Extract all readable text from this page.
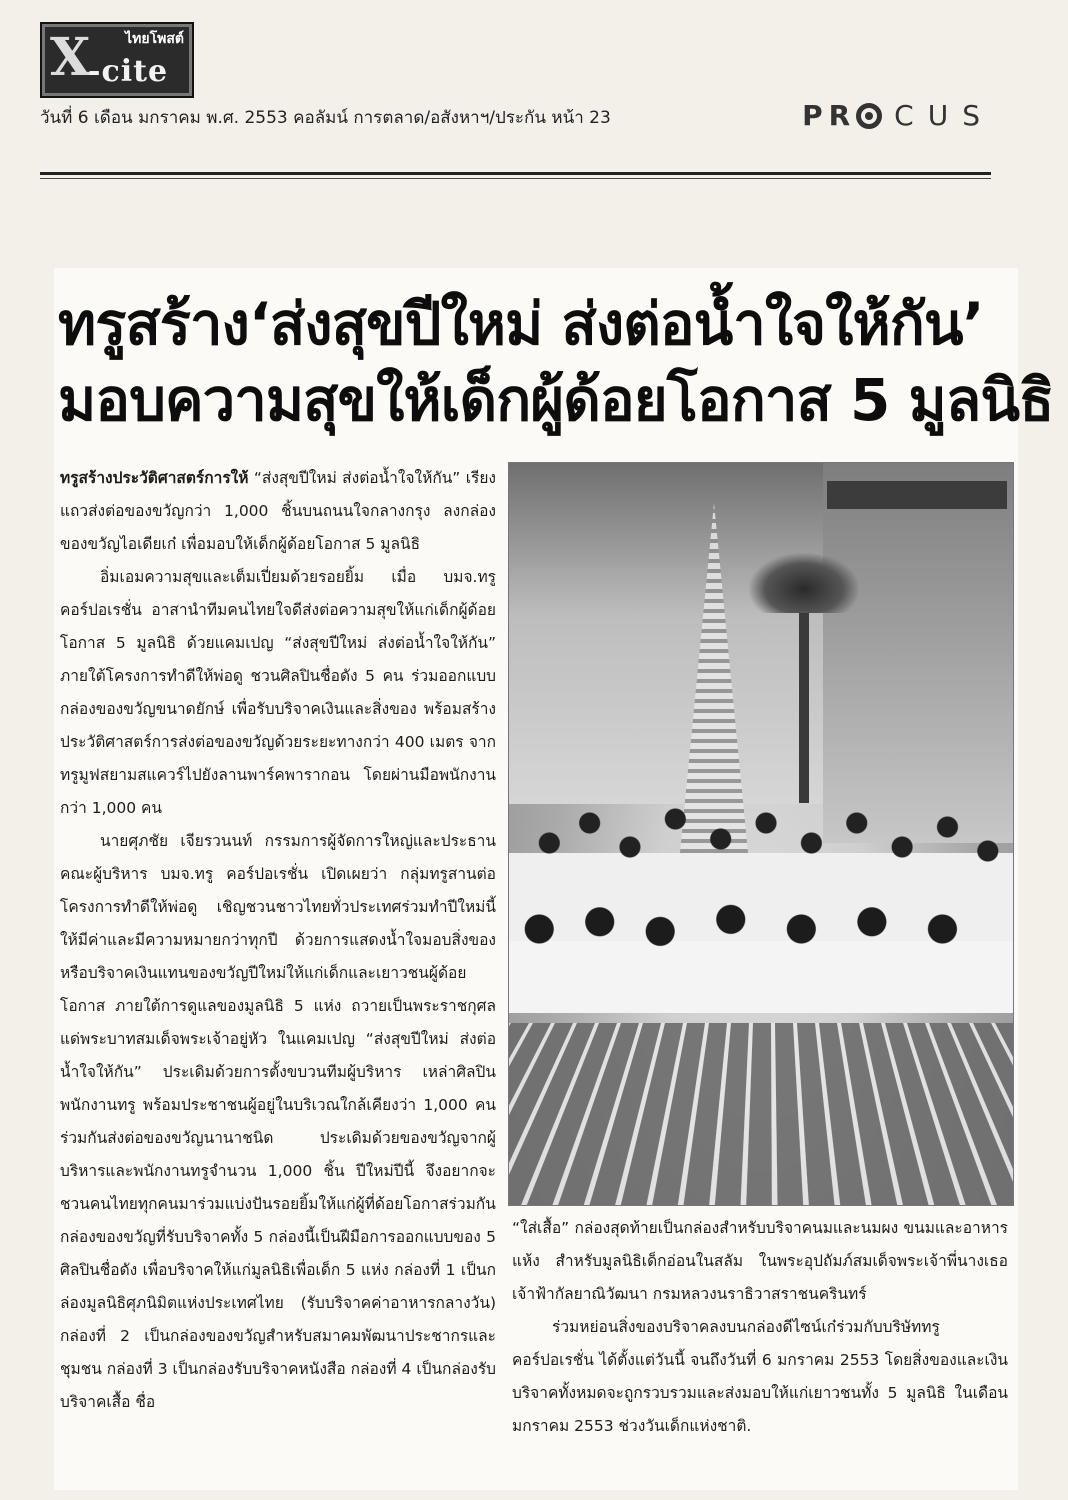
ไทยโพสต์
X
-cite
วันที่ 6 เดือน มกราคม พ.ศ. 2553 คอลัมน์ การตลาด/อสังหาฯ/ประกัน หน้า 23	PR CUS
ทรูสร้าง‘ส่งสุขปีใหม่ ส่งต่อน้ำใจให้กัน’
มอบความสุขให้เด็กผู้ด้อยโอกาส 5 มูลนิธิ

ทรูสร้างประวัติศาสตร์การให้ “ส่งสุขปีใหม่ ส่งต่อน้ำใจให้กัน” เรียงแถวส่งต่อของขวัญกว่า 1,000 ชิ้นบนถนนใจกลางกรุง ลงกล่องของขวัญไอเดียเก๋ เพื่อมอบให้เด็กผู้ด้อยโอกาส 5 มูลนิธิ

อิ่มเอมความสุขและเต็มเปี่ยมด้วยรอยยิ้ม เมื่อ บมจ.ทรู คอร์ปอเรชั่น อาสานำทีมคนไทยใจดีส่งต่อความสุขให้แก่เด็กผู้ด้อยโอกาส 5 มูลนิธิ ด้วยแคมเปญ “ส่งสุขปีใหม่ ส่งต่อน้ำใจให้กัน” ภายใต้โครงการทำดีให้พ่อดู ชวนศิลปินชื่อดัง 5 คน ร่วมออกแบบกล่องของขวัญขนาดยักษ์ เพื่อรับบริจาคเงินและสิ่งของ พร้อมสร้างประวัติศาสตร์การส่งต่อของขวัญด้วยระยะทางกว่า 400 เมตร จากทรูมูฟสยามสแควร์ไปยังลานพาร์คพารากอน โดยผ่านมือพนักงานกว่า 1,000 คน

นายศุภชัย เจียรวนนท์ กรรมการผู้จัดการใหญ่และประธานคณะผู้บริหาร บมจ.ทรู คอร์ปอเรชั่น เปิดเผยว่า กลุ่มทรูสานต่อโครงการทำดีให้พ่อดู เชิญชวนชาวไทยทั่วประเทศร่วมทำปีใหม่นี้ให้มีค่าและมีความหมายกว่าทุกปี ด้วยการแสดงน้ำใจมอบสิ่งของหรือบริจาคเงินแทนของขวัญปีใหม่ให้แก่เด็กและเยาวชนผู้ด้อยโอกาส ภายใต้การดูแลของมูลนิธิ 5 แห่ง ถวายเป็นพระราชกุศลแด่พระบาทสมเด็จพระเจ้าอยู่หัว ในแคมเปญ “ส่งสุขปีใหม่ ส่งต่อน้ำใจให้กัน” ประเดิมด้วยการตั้งขบวนทีมผู้บริหาร เหล่าศิลปิน พนักงานทรู พร้อมประชาชนผู้อยู่ในบริเวณใกล้เคียงว่า 1,000 คน ร่วมกันส่งต่อของขวัญนานาชนิด ประเดิมด้วยของขวัญจากผู้บริหารและพนักงานทรูจำนวน 1,000 ชิ้น ปีใหม่ปีนี้ จึงอยากจะชวนคนไทยทุกคนมาร่วมแบ่งปันรอยยิ้มให้แก่ผู้ที่ด้อยโอกาสร่วมกัน กล่องของขวัญที่รับบริจาคทั้ง 5 กล่องนี้เป็นฝีมือการออกแบบของ 5 ศิลปินชื่อดัง เพื่อบริจาคให้แก่มูลนิธิเพื่อเด็ก 5 แห่ง กล่องที่ 1 เป็นกล่องมูลนิธิศุภนิมิตแห่งประเทศไทย (รับบริจาคค่าอาหารกลางวัน) กล่องที่ 2 เป็นกล่องของขวัญสำหรับสมาคมพัฒนาประชากรและชุมชน กล่องที่ 3 เป็นกล่องรับบริจาคหนังสือ กล่องที่ 4 เป็นกล่องรับบริจาคเสื้อ ชื่อ

“ใส่เสื้อ” กล่องสุดท้ายเป็นกล่องสำหรับบริจาคนมและนมผง ขนมและอาหารแห้ง สำหรับมูลนิธิเด็กอ่อนในสลัม ในพระอุปถัมภ์สมเด็จพระเจ้าพี่นางเธอ เจ้าฟ้ากัลยาณิวัฒนา กรมหลวงนราธิวาสราชนครินทร์

ร่วมหย่อนสิ่งของบริจาคลงบนกล่องดีไซน์เก๋ร่วมกับบริษัททรู คอร์ปอเรชั่น ได้ตั้งแต่วันนี้ จนถึงวันที่ 6 มกราคม 2553 โดยสิ่งของและเงินบริจาคทั้งหมดจะถูกรวบรวมและส่งมอบให้แก่เยาวชนทั้ง 5 มูลนิธิ ในเดือนมกราคม 2553 ช่วงวันเด็กแห่งชาติ.
